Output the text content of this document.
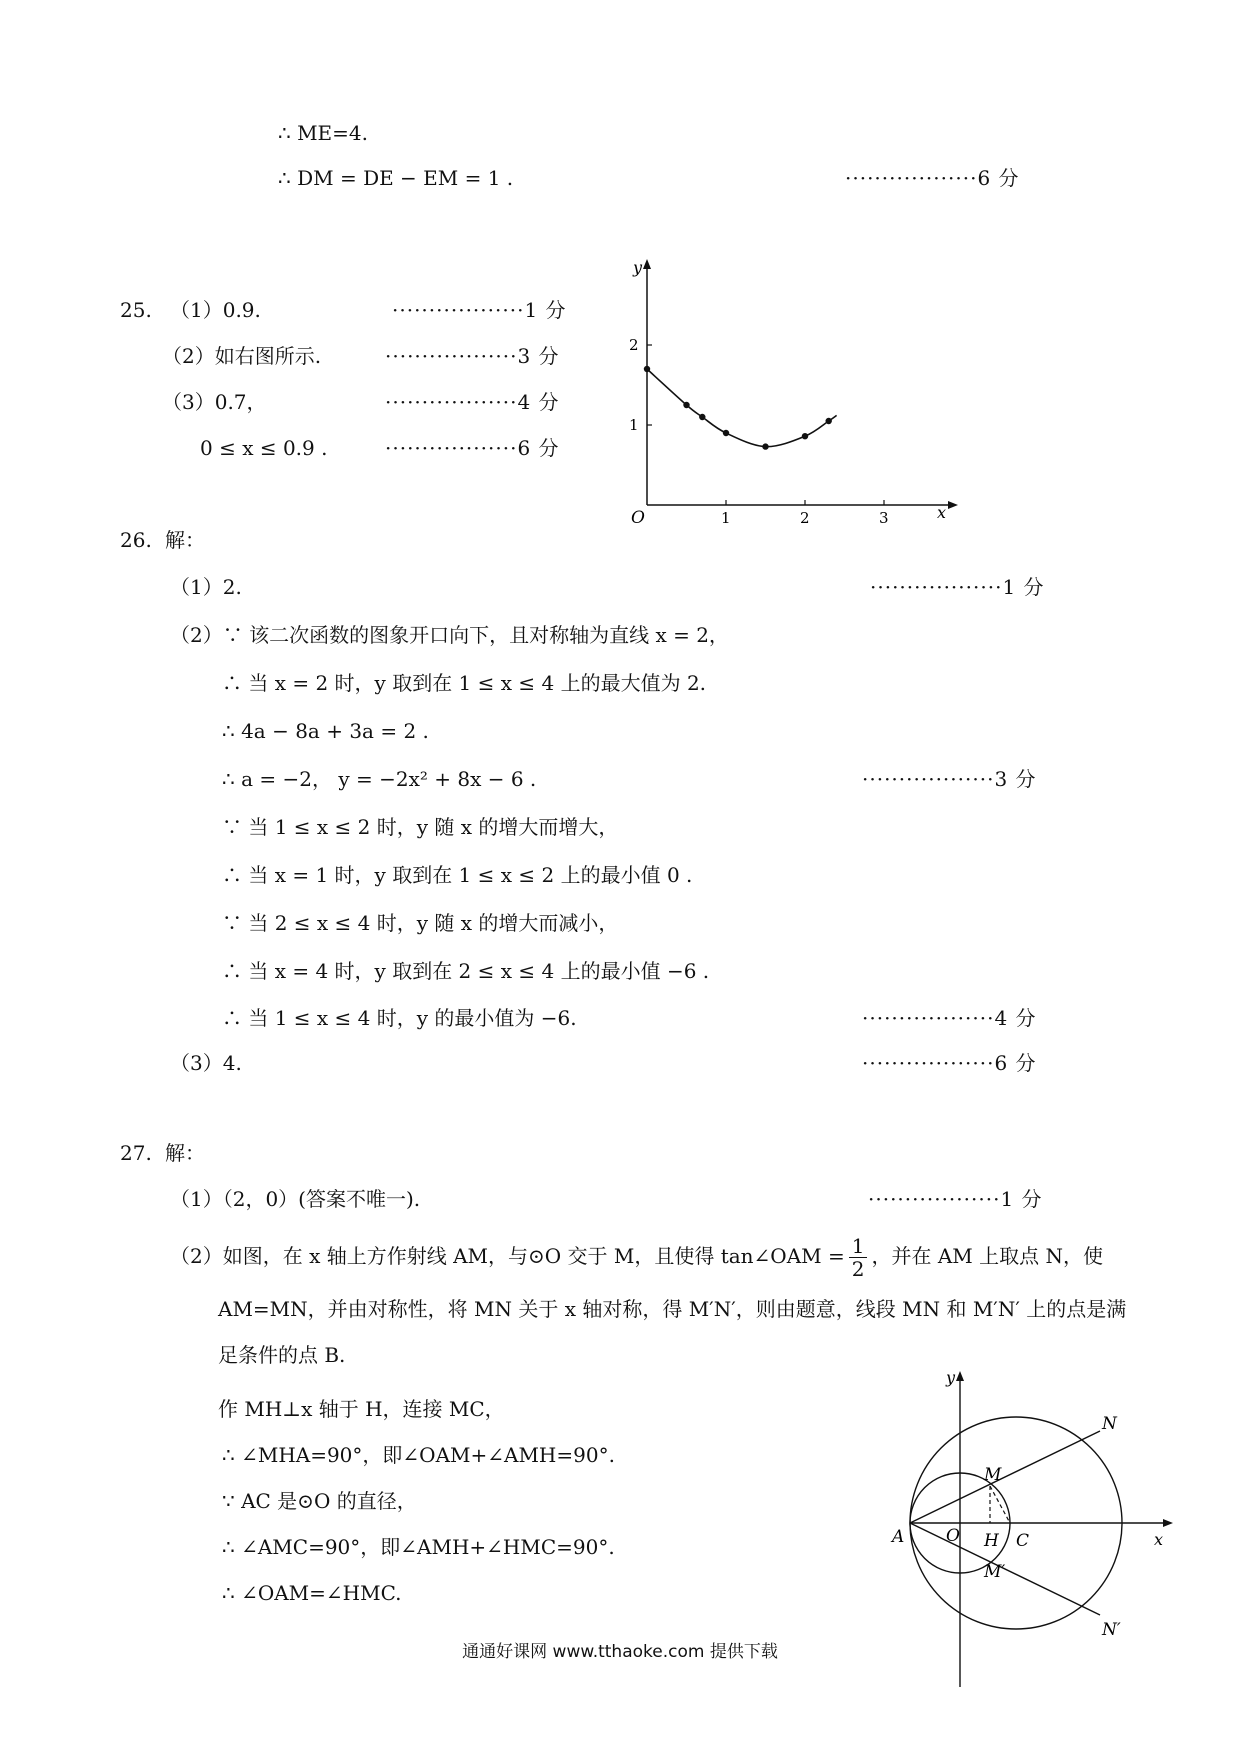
∴ ME=4.
∴ DM = DE − EM = 1 .	··················6 分
25. （1）0.9.	··················1 分
（2）如右图所示.	··················3 分
（3）0.7，	··················4 分
0 ≤ x ≤ 0.9 .	··················6 分
1	2	3
1
2
y
x
O
26. 解：
（1）2.	··················1 分
（2）∵ 该二次函数的图象开口向下，且对称轴为直线 x = 2，
∴ 当 x = 2 时，y 取到在 1 ≤ x ≤ 4 上的最大值为 2.
∴ 4a − 8a + 3a = 2 .
∴ a = −2， y = −2x² + 8x − 6 .	··················3 分
∵ 当 1 ≤ x ≤ 2 时，y 随 x 的增大而增大，
∴ 当 x = 1 时，y 取到在 1 ≤ x ≤ 2 上的最小值 0 .
∵ 当 2 ≤ x ≤ 4 时，y 随 x 的增大而减小，
∴ 当 x = 4 时，y 取到在 2 ≤ x ≤ 4 上的最小值 −6 .
∴ 当 1 ≤ x ≤ 4 时，y 的最小值为 −6.	··················4 分
（3）4.	··················6 分
27. 解：
（1）（2，0）(答案不唯一).	··················1 分
（2）如图，在 x 轴上方作射线 AM，与⊙O 交于 M，且使得 tan∠OAM = $\frac{1}{2}$ ，并在 AM 上取点 N，使
AM=MN，并由对称性，将 MN 关于 x 轴对称，得 M′N′，则由题意，线段 MN 和 M′N′ 上的点是满
足条件的点 B.
作 MH⊥x 轴于 H，连接 MC，
∴ ∠MHA=90°，即∠OAM+∠AMH=90°.
∵ AC 是⊙O 的直径，
∴ ∠AMC=90°，即∠AMH+∠HMC=90°.
∴ ∠OAM=∠HMC.
y
x
A O H C
M
N
M′
N′
通通好课网 www.tthaoke.com 提供下载
